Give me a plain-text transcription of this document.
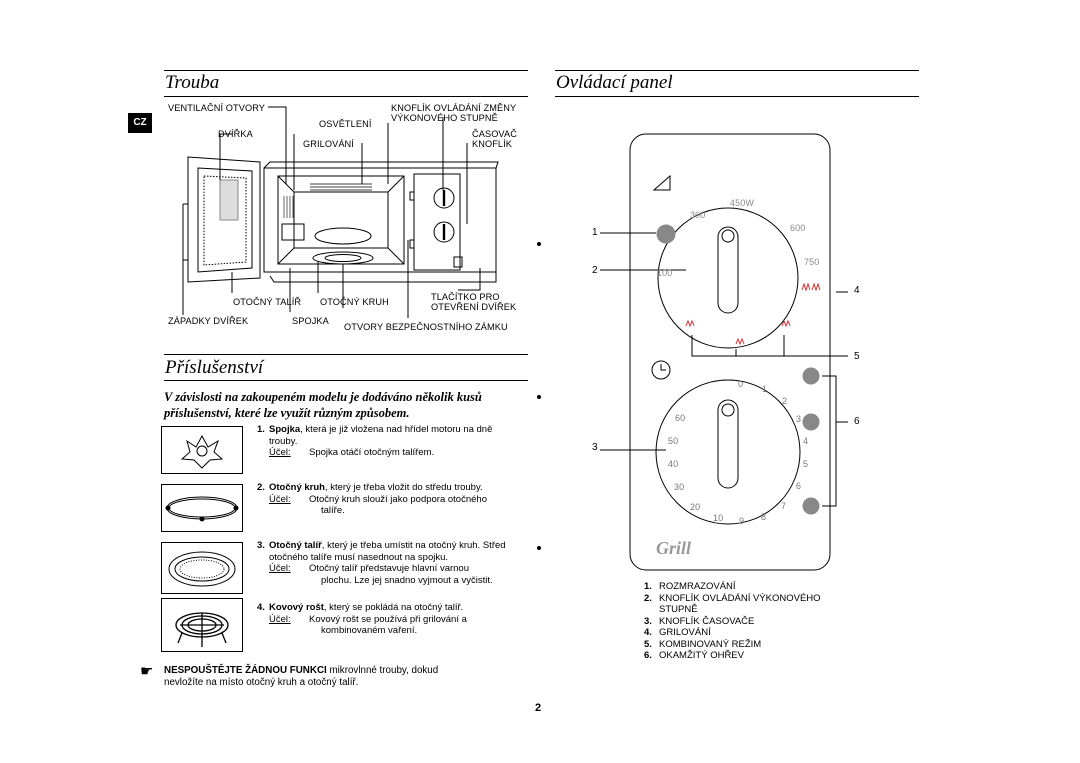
CZ
Trouba	Ovládací panel
Příslušenství
VENTILAČNÍ OTVORY
OSVĚTLENÍ
KNOFLÍK OVLÁDÁNÍ ZMĚNY
VÝKONOVÉHO STUPNĚ
DVÍŘKA
GRILOVÁNÍ
ČASOVAČ
KNOFLÍK
OTOČNÝ TALÍŘ OTOČNÝ KRUH	TLAČÍTKO PRO
OTEVŘENÍ DVÍŘEK
ZÁPADKY DVÍŘEK	SPOJKA
OTVORY BEZPEČNOSTNÍHO ZÁMKU
V závislosti na zakoupeném modelu je dodáváno několik kusů
příslušenství, které lze využít různým způsobem.
1. Spojka, která je již vložena nad hřídel motoru na dně
trouby.
Účel:	Spojka otáčí otočným talířem.
2. Otočný kruh, který je třeba vložit do středu trouby.
Účel:	Otočný kruh slouží jako podpora otočného
talíře.
3. Otočný talíř, který je třeba umístit na otočný kruh. Střed
otočného talíře musí nasednout na spojku.
Účel:	Otočný talíř představuje hlavní varnou
plochu. Lze jej snadno vyjmout a vyčistit.
4. Kovový rošt, který se pokládá na otočný talíř.
Účel:	Kovový rošt se používá při grilování a
kombinovaném vaření.
☛ NESPOUŠTĚJTE ŽÁDNOU FUNKCI mikrovlnné trouby, dokud
nevložíte na místo otočný kruh a otočný talíř.
1
2
3
4
5
6
450W
300
600
750
100
0 1
2
3
4
5
6
7
8
9
10
20
30
40
50
60
Grill
1. ROZMRAZOVÁNÍ
2. KNOFLÍK OVLÁDÁNÍ VÝKONOVÉHO
STUPNĚ
3. KNOFLÍK ČASOVAČE
4. GRILOVÁNÍ
5. KOMBINOVANÝ REŽIM
6. OKAMŽITÝ OHŘEV
2
